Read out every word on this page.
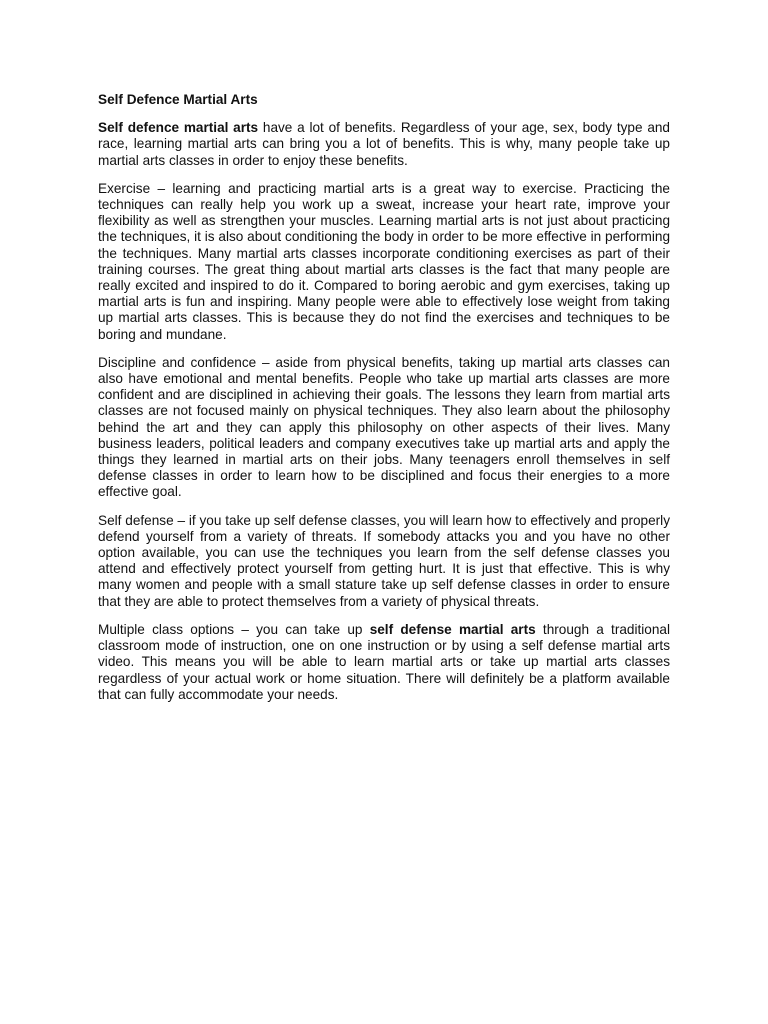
Self Defence Martial Arts

Self defence martial arts have a lot of benefits. Regardless of your age, sex, body type and race, learning martial arts can bring you a lot of benefits. This is why, many people take up martial arts classes in order to enjoy these benefits.

Exercise – learning and practicing martial arts is a great way to exercise. Practicing the techniques can really help you work up a sweat, increase your heart rate, improve your flexibility as well as strengthen your muscles. Learning martial arts is not just about practicing the techniques, it is also about conditioning the body in order to be more effective in performing the techniques. Many martial arts classes incorporate conditioning exercises as part of their training courses. The great thing about martial arts classes is the fact that many people are really excited and inspired to do it. Compared to boring aerobic and gym exercises, taking up martial arts is fun and inspiring. Many people were able to effectively lose weight from taking up martial arts classes. This is because they do not find the exercises and techniques to be boring and mundane.

Discipline and confidence – aside from physical benefits, taking up martial arts classes can also have emotional and mental benefits. People who take up martial arts classes are more confident and are disciplined in achieving their goals. The lessons they learn from martial arts classes are not focused mainly on physical techniques. They also learn about the philosophy behind the art and they can apply this philosophy on other aspects of their lives. Many business leaders, political leaders and company executives take up martial arts and apply the things they learned in martial arts on their jobs. Many teenagers enroll themselves in self defense classes in order to learn how to be disciplined and focus their energies to a more effective goal.

Self defense – if you take up self defense classes, you will learn how to effectively and properly defend yourself from a variety of threats. If somebody attacks you and you have no other option available, you can use the techniques you learn from the self defense classes you attend and effectively protect yourself from getting hurt. It is just that effective. This is why many women and people with a small stature take up self defense classes in order to ensure that they are able to protect themselves from a variety of physical threats.

Multiple class options – you can take up self defense martial arts through a traditional classroom mode of instruction, one on one instruction or by using a self defense martial arts video. This means you will be able to learn martial arts or take up martial arts classes regardless of your actual work or home situation. There will definitely be a platform available that can fully accommodate your needs.
